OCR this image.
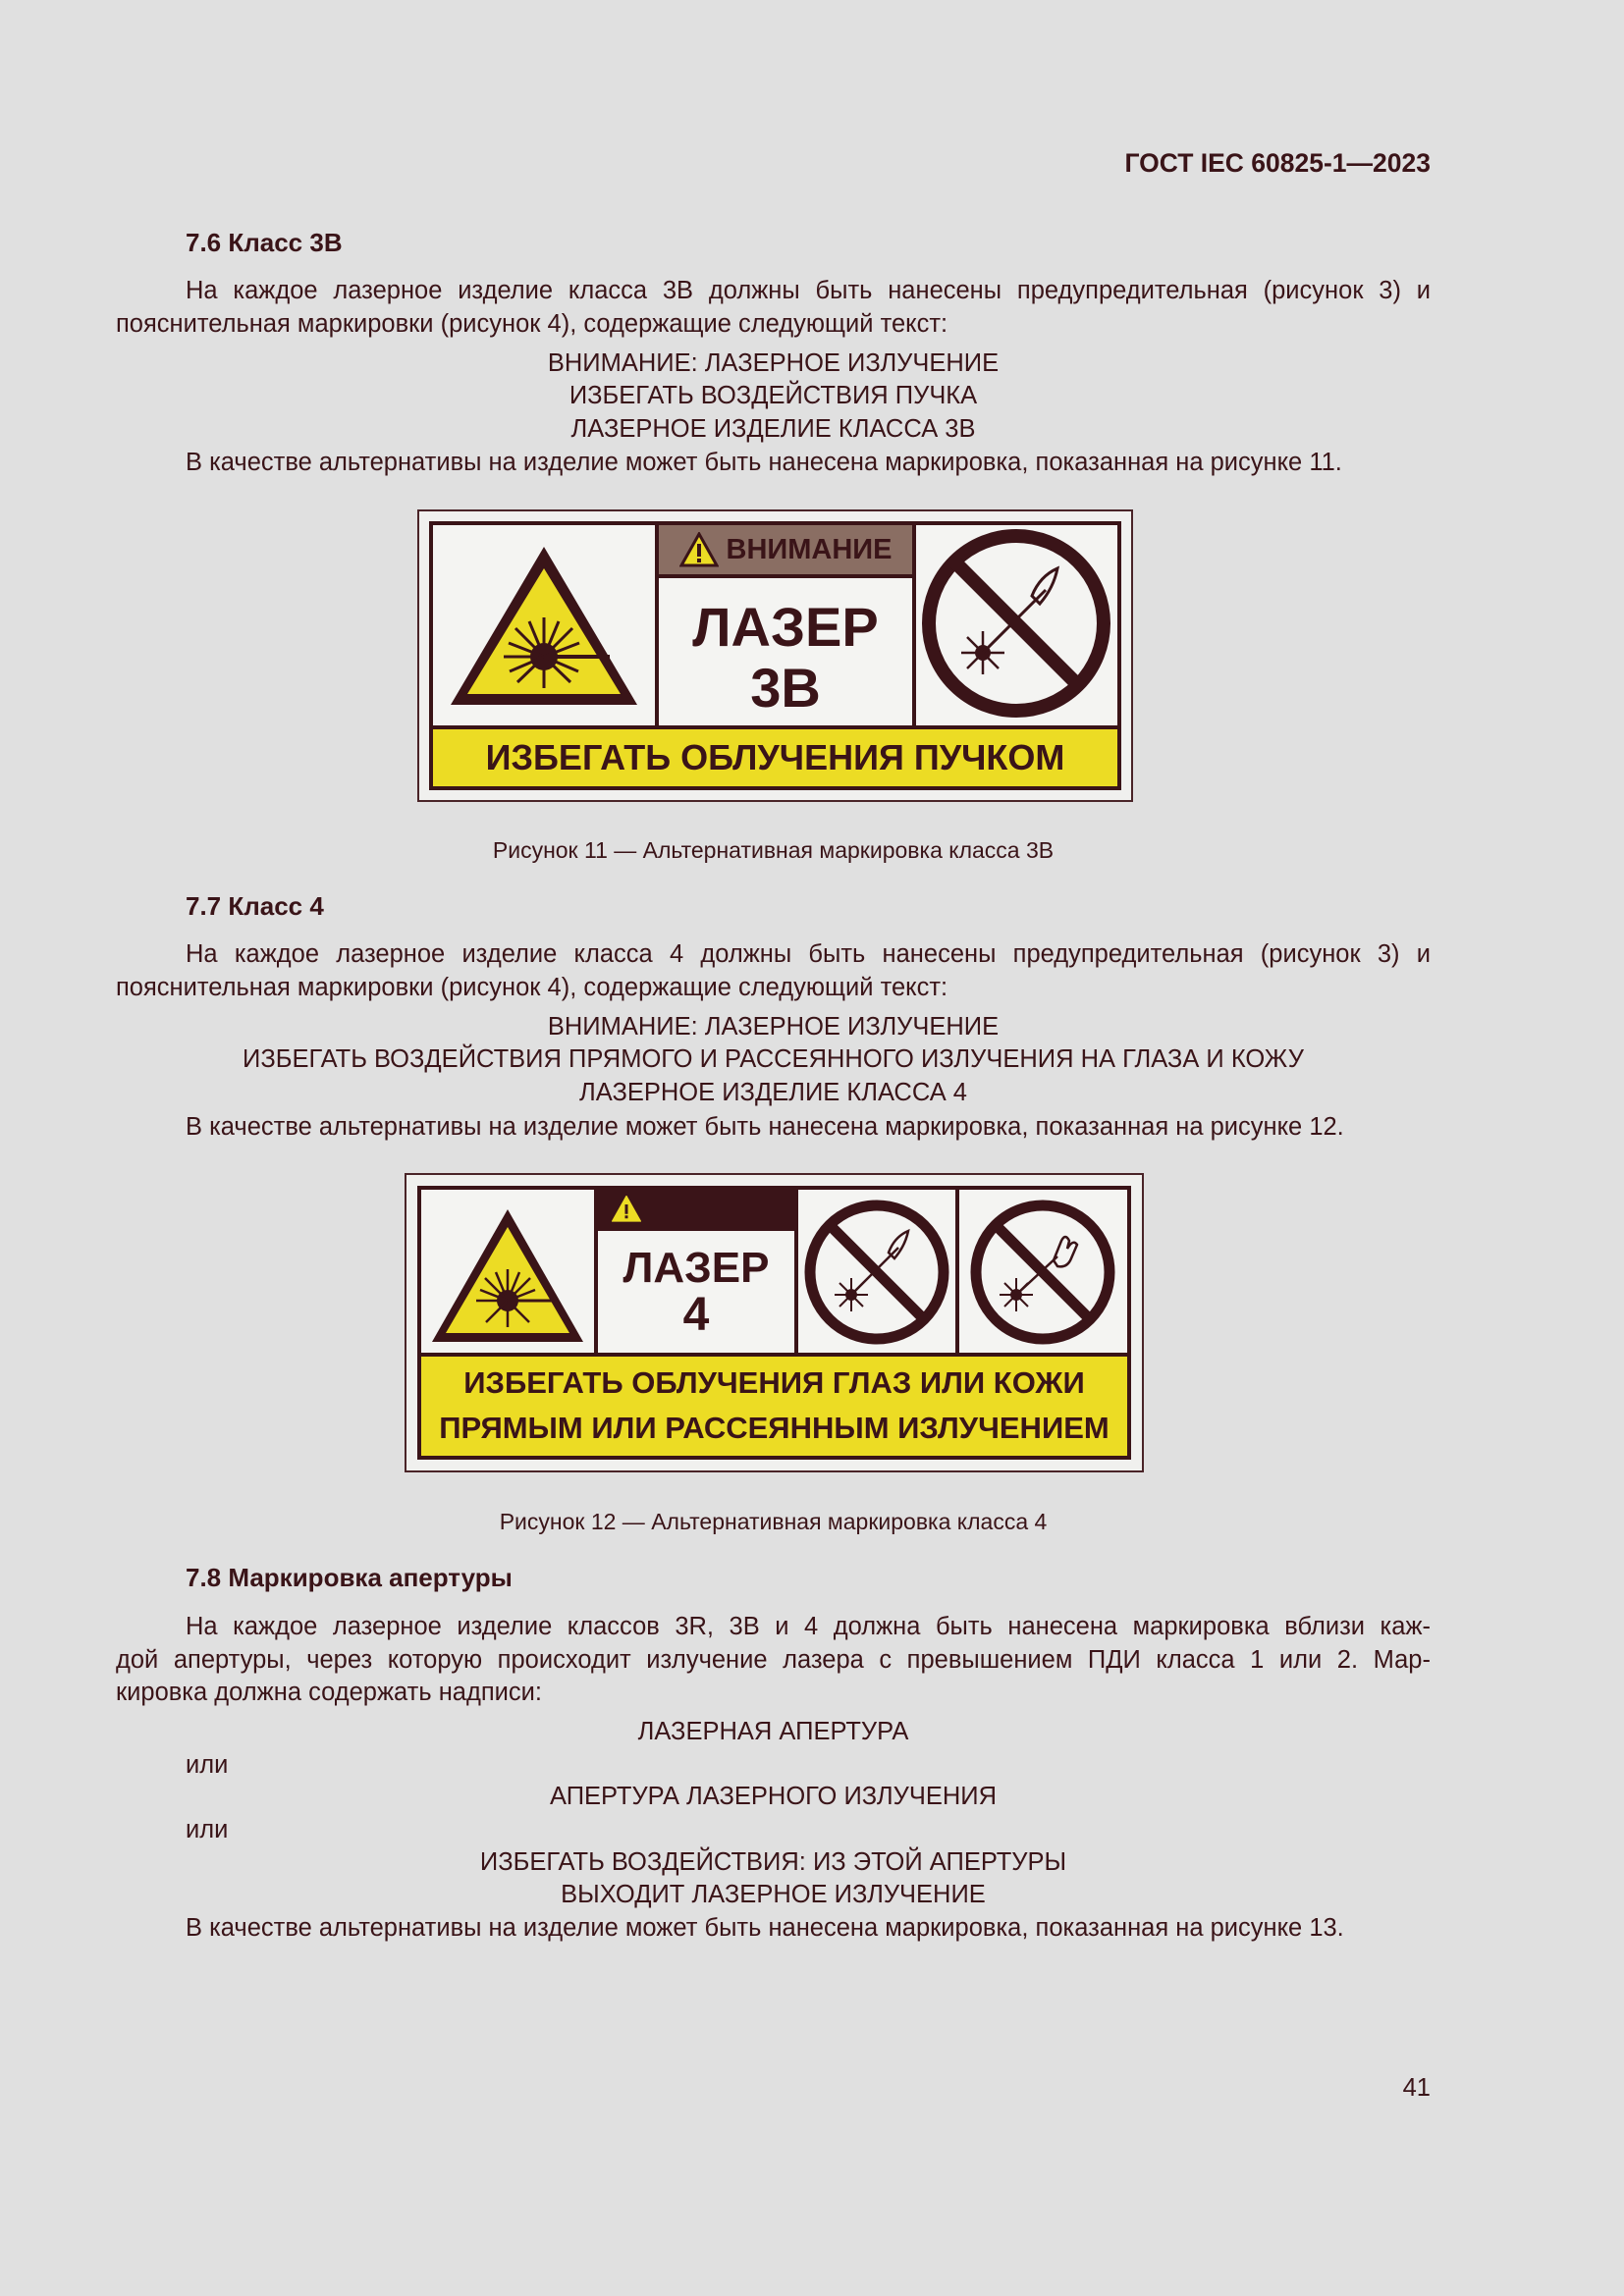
ГОСТ IEC 60825-1—2023
7.6 Класс 3В
На каждое лазерное изделие класса 3В должны быть нанесены предупредительная (рисунок 3) и
пояснительная маркировки (рисунок 4), содержащие следующий текст:
ВНИМАНИЕ: ЛАЗЕРНОЕ ИЗЛУЧЕНИЕ
ИЗБЕГАТЬ ВОЗДЕЙСТВИЯ ПУЧКА
ЛАЗЕРНОЕ ИЗДЕЛИЕ КЛАССА 3В
В качестве альтернативы на изделие может быть нанесена маркировка, показанная на рисунке 11.
ВНИМАНИЕ
ЛАЗЕР
3В
ИЗБЕГАТЬ ОБЛУЧЕНИЯ ПУЧКОМ
Рисунок 11 — Альтернативная маркировка класса 3В
7.7 Класс 4
На каждое лазерное изделие класса 4 должны быть нанесены предупредительная (рисунок 3) и
пояснительная маркировки (рисунок 4), содержащие следующий текст:
ВНИМАНИЕ: ЛАЗЕРНОЕ ИЗЛУЧЕНИЕ
ИЗБЕГАТЬ ВОЗДЕЙСТВИЯ ПРЯМОГО И РАССЕЯННОГО ИЗЛУЧЕНИЯ НА ГЛАЗА И КОЖУ
ЛАЗЕРНОЕ ИЗДЕЛИЕ КЛАССА 4
В качестве альтернативы на изделие может быть нанесена маркировка, показанная на рисунке 12.
ЛАЗЕР
4
ИЗБЕГАТЬ ОБЛУЧЕНИЯ ГЛАЗ ИЛИ КОЖИ
ПРЯМЫМ ИЛИ РАССЕЯННЫМ ИЗЛУЧЕНИЕМ
Рисунок 12 — Альтернативная маркировка класса 4
7.8 Маркировка апертуры
На каждое лазерное изделие классов 3R, 3В и 4 должна быть нанесена маркировка вблизи каж-
дой апертуры, через которую происходит излучение лазера с превышением ПДИ класса 1 или 2. Мар-
кировка должна содержать надписи:
ЛАЗЕРНАЯ АПЕРТУРА
или
АПЕРТУРА ЛАЗЕРНОГО ИЗЛУЧЕНИЯ
или
ИЗБЕГАТЬ ВОЗДЕЙСТВИЯ: ИЗ ЭТОЙ АПЕРТУРЫ
ВЫХОДИТ ЛАЗЕРНОЕ ИЗЛУЧЕНИЕ
В качестве альтернативы на изделие может быть нанесена маркировка, показанная на рисунке 13.
41
